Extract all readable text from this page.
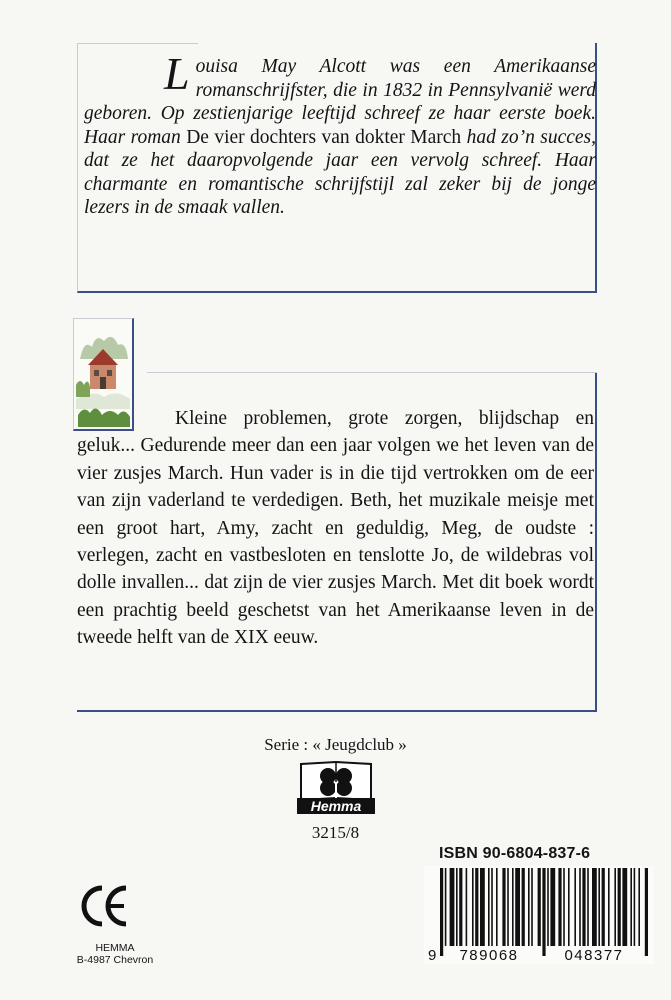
Louisa May Alcott was een Amerikaanse romanschrijfster, die in 1832 in Pennsylvanië werd geboren. Op zestienjarige leeftijd schreef ze haar eerste boek. Haar roman De vier dochters van dokter March had zo’n succes, dat ze het daaropvolgende jaar een vervolg schreef. Haar charmante en romantische schrijfstijl zal zeker bij de jonge lezers in de smaak vallen.

Kleine problemen, grote zorgen, blijdschap en geluk... Gedurende meer dan een jaar volgen we het leven van de vier zusjes March. Hun vader is in die tijd vertrokken om de eer van zijn vaderland te verdedigen. Beth, het muzikale meisje met een groot hart, Amy, zacht en geduldig, Meg, de oudste : verlegen, zacht en vastbesloten en tenslotte Jo, de wildebras vol dolle invallen... dat zijn de vier zusjes March. Met dit boek wordt een prachtig beeld geschetst van het Amerikaanse leven in de tweede helft van de XIX eeuw.

Serie : « Jeugdclub »
Hemma
3215/8
ISBN 90-6804-837-6
9 789068	048377
HEMMA
B-4987 Chevron
